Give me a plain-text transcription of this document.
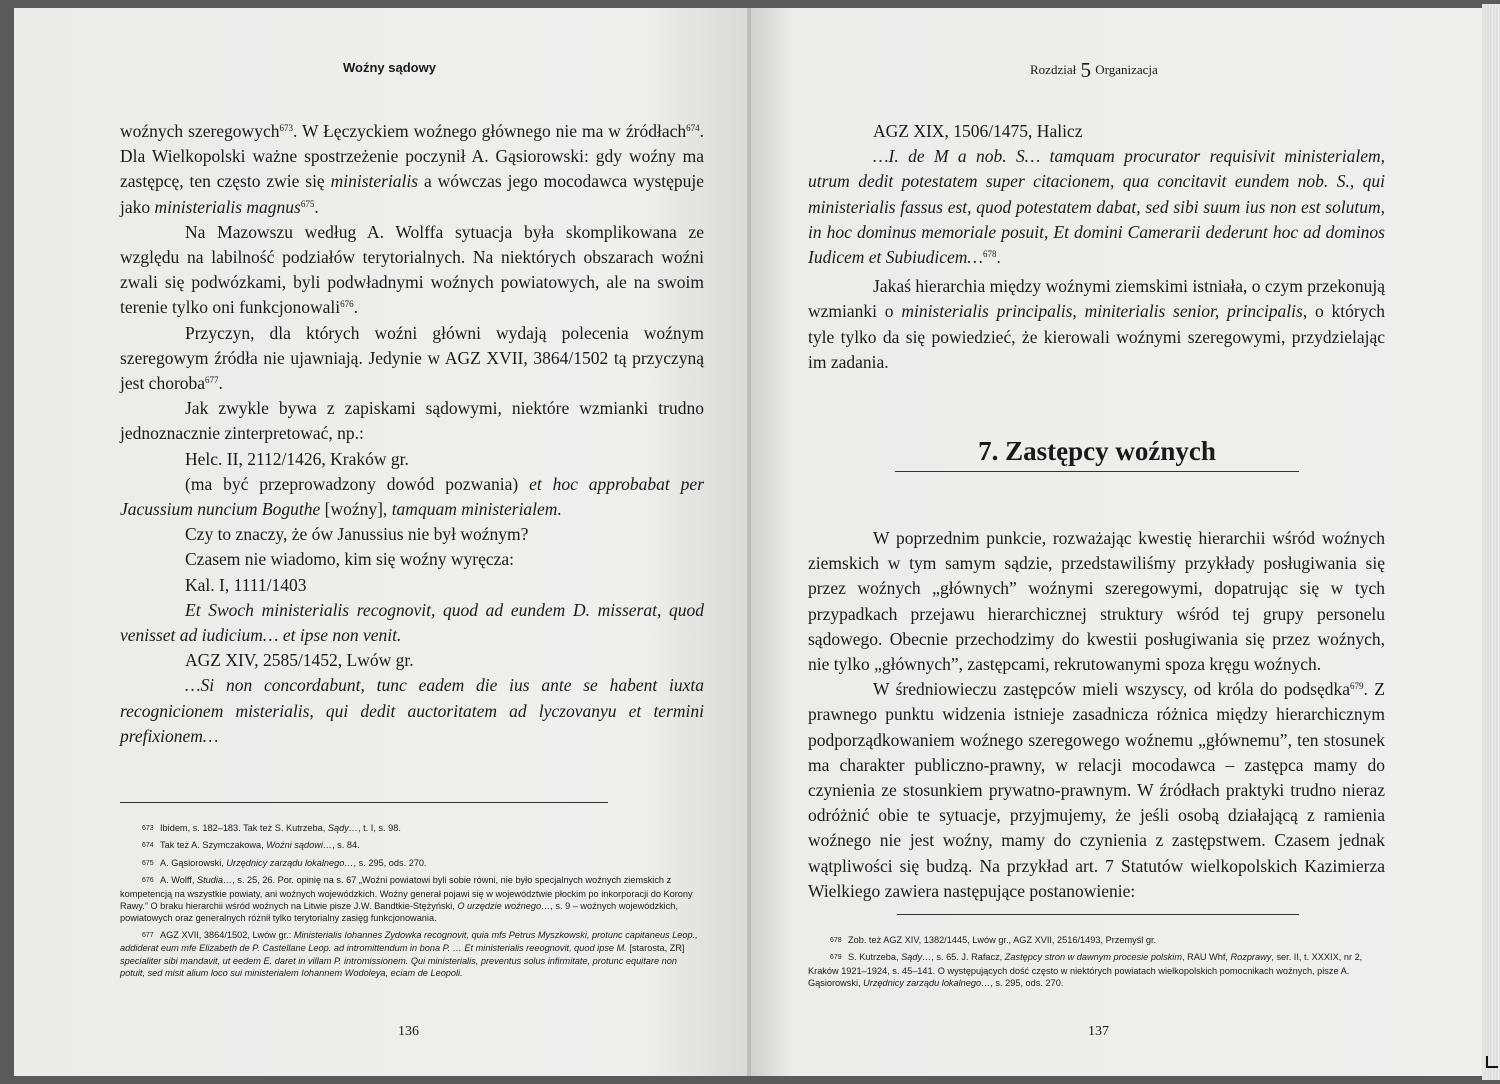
Woźny sądowy

woźnych szeregowych$^{673}$. W Łęczyckiem woźnego głównego nie ma w źródłach$^{674}$. Dla Wielkopolski ważne spostrzeżenie poczynił A. Gąsiorowski: gdy woźny ma zastępcę, ten często zwie się ministerialis a wówczas jego mocodawca występuje jako ministerialis magnus$^{675}$.

Na Mazowszu według A. Wolffa sytuacja była skomplikowana ze względu na labilność podziałów terytorialnych. Na niektórych obszarach woźni zwali się podwózkami, byli podwładnymi woźnych powiatowych, ale na swoim terenie tylko oni funkcjonowali$^{676}$.

Przyczyn, dla których woźni główni wydają polecenia woźnym szeregowym źródła nie ujawniają. Jedynie w AGZ XVII, 3864/1502 tą przyczyną jest choroba$^{677}$.

Jak zwykle bywa z zapiskami sądowymi, niektóre wzmianki trudno jednoznacznie zinterpretować, np.:

Helc. II, 2112/1426, Kraków gr.

(ma być przeprowadzony dowód pozwania) et hoc approbabat per Jacussium nuncium Boguthe [woźny], tamquam ministerialem.

Czy to znaczy, że ów Janussius nie był woźnym?

Czasem nie wiadomo, kim się woźny wyręcza:

Kal. I, 1111/1403

Et Swoch ministerialis recognovit, quod ad eundem D. misserat, quod venisset ad iudicium… et ipse non venit.

AGZ XIV, 2585/1452, Lwów gr.

…Si non concordabunt, tunc eadem die ius ante se habent iuxta recognicionem misterialis, qui dedit auctoritatem ad lyczovanyu et termini prefixionem…

673 Ibidem, s. 182–183. Tak też S. Kutrzeba, Sądy…, t. I, s. 98.

674 Tak też A. Szymczakowa, Woźni sądowi…, s. 84.

675 A. Gąsiorowski, Urzędnicy zarządu lokalnego…, s. 295, ods. 270.

676 A. Wolff, Studia…, s. 25, 26. Por. opinię na s. 67 „Woźni powiatowi byli sobie równi, nie było specjalnych woźnych ziemskich z kompetencją na wszystkie powiaty, ani woźnych wojewódzkich. Woźny generał pojawi się w województwie płockim po inkorporacji do Korony Rawy.” O braku hierarchii wśród woźnych na Litwie pisze J.W. Bandtkie-Stężyński, O urzędzie woźnego…, s. 9 – woźnych wojewódzkich, powiatowych oraz generalnych różnił tylko terytorialny zasięg funkcjonowania.

677 AGZ XVII, 3864/1502, Lwów gr.: Ministerialis Iohannes Zydowka recognovit, quia mfs Petrus Myszkowski, protunc capitaneus Leop., addiderat eum mfe Elizabeth de P. Castellane Leop. ad intromittendum in bona P. … Et ministerialis reeognovit, quod ipse M. [starosta, ZR] specialiter sibi mandavit, ut eedem E. daret in villam P. intromissionem. Qui ministerialis, preventus solus infirmitate, protunc equitare non potuit, sed misit alium loco sui ministerialem Iohannem Wodoleya, eciam de Leopoli.

136
Rozdział 5 Organizacja

AGZ XIX, 1506/1475, Halicz

…I. de M a nob. S… tamquam procurator requisivit ministerialem, utrum dedit potestatem super citacionem, qua concitavit eundem nob. S., qui ministerialis fassus est, quod potestatem dabat, sed sibi suum ius non est solutum, in hoc dominus memoriale posuit, Et domini Camerarii dederunt hoc ad dominos Iudicem et Subiudicem…$^{678}$.

Jakaś hierarchia między woźnymi ziemskimi istniała, o czym przekonują wzmianki o ministerialis principalis, miniterialis senior, principalis, o których tyle tylko da się powiedzieć, że kierowali woźnymi szeregowymi, przydzielając im zadania.

7. Zastępcy woźnych

W poprzednim punkcie, rozważając kwestię hierarchii wśród woźnych ziemskich w tym samym sądzie, przedstawiliśmy przykłady posługiwania się przez woźnych „głównych” woźnymi szeregowymi, dopatrując się w tych przypadkach przejawu hierarchicznej struktury wśród tej grupy personelu sądowego. Obecnie przechodzimy do kwestii posługiwania się przez woźnych, nie tylko „głównych”, zastępcami, rekrutowanymi spoza kręgu woźnych.

W średniowieczu zastępców mieli wszyscy, od króla do podsędka$^{679}$. Z prawnego punktu widzenia istnieje zasadnicza różnica między hierarchicznym podporządkowaniem woźnego szeregowego woźnemu „głównemu”, ten stosunek ma charakter publiczno-prawny, w relacji mocodawca – zastępca mamy do czynienia ze stosunkiem prywatno-prawnym. W źródłach praktyki trudno nieraz odróżnić obie te sytuacje, przyjmujemy, że jeśli osobą działającą z ramienia woźnego nie jest woźny, mamy do czynienia z zastępstwem. Czasem jednak wątpliwości się budzą. Na przykład art. 7 Statutów wielkopolskich Kazimierza Wielkiego zawiera następujące postanowienie:

678 Zob. też AGZ XIV, 1382/1445, Lwów gr., AGZ XVII, 2516/1493, Przemyśl gr.

679 S. Kutrzeba, Sądy…, s. 65. J. Rafacz, Zastępcy stron w dawnym procesie polskim, RAU Whf, Rozprawy, ser. II, t. XXXIX, nr 2, Kraków 1921–1924, s. 45–141. O występujących dość często w niektórych powiatach wielkopolskich pomocnikach woźnych, pisze A. Gąsiorowski, Urzędnicy zarządu lokalnego…, s. 295, ods. 270.

137
